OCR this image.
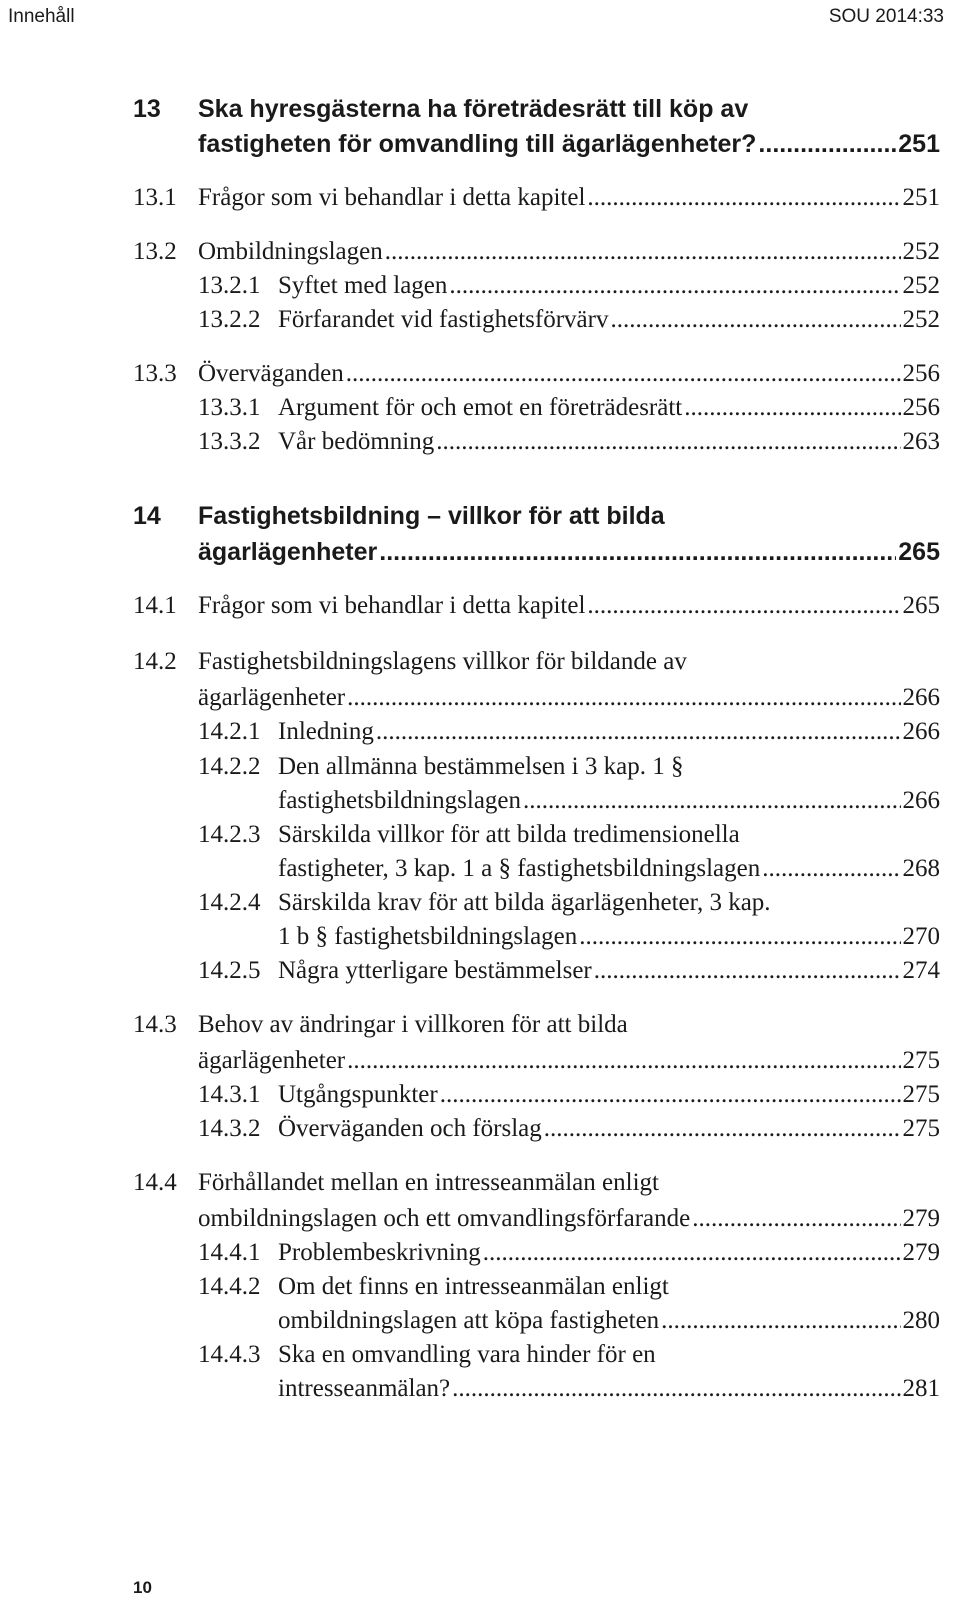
Innehåll	SOU 2014:33
13 Ska hyresgästerna ha företrädesrätt till köp av
fastigheten för omvandling till ägarlägenheter? .....	251
13.1 Frågor som vi behandlar i detta kapitel .....	251
13.2 Ombildningslagen .....	252
13.2.1 Syftet med lagen .....	252
13.2.2 Förfarandet vid fastighetsförvärv .....	252
13.3 Överväganden .....	256
13.3.1 Argument för och emot en företrädesrätt .....	256
13.3.2 Vår bedömning .....	263
14 Fastighetsbildning – villkor för att bilda
ägarlägenheter .....	265
14.1 Frågor som vi behandlar i detta kapitel .....	265
14.2 Fastighetsbildningslagens villkor för bildande av
ägarlägenheter .....	266
14.2.1 Inledning .....	266
14.2.2 Den allmänna bestämmelsen i 3 kap. 1 §
fastighetsbildningslagen .....	266
14.2.3 Särskilda villkor för att bilda tredimensionella
fastigheter, 3 kap. 1 a § fastighetsbildningslagen .....	268
14.2.4 Särskilda krav för att bilda ägarlägenheter, 3 kap.
1 b § fastighetsbildningslagen .....	270
14.2.5 Några ytterligare bestämmelser .....	274
14.3 Behov av ändringar i villkoren för att bilda
ägarlägenheter .....	275
14.3.1 Utgångspunkter .....	275
14.3.2 Överväganden och förslag .....	275
14.4 Förhållandet mellan en intresseanmälan enligt
ombildningslagen och ett omvandlingsförfarande .....	279
14.4.1 Problembeskrivning .....	279
14.4.2 Om det finns en intresseanmälan enligt
ombildningslagen att köpa fastigheten .....	280
14.4.3 Ska en omvandling vara hinder för en
intresseanmälan? .....	281
10
